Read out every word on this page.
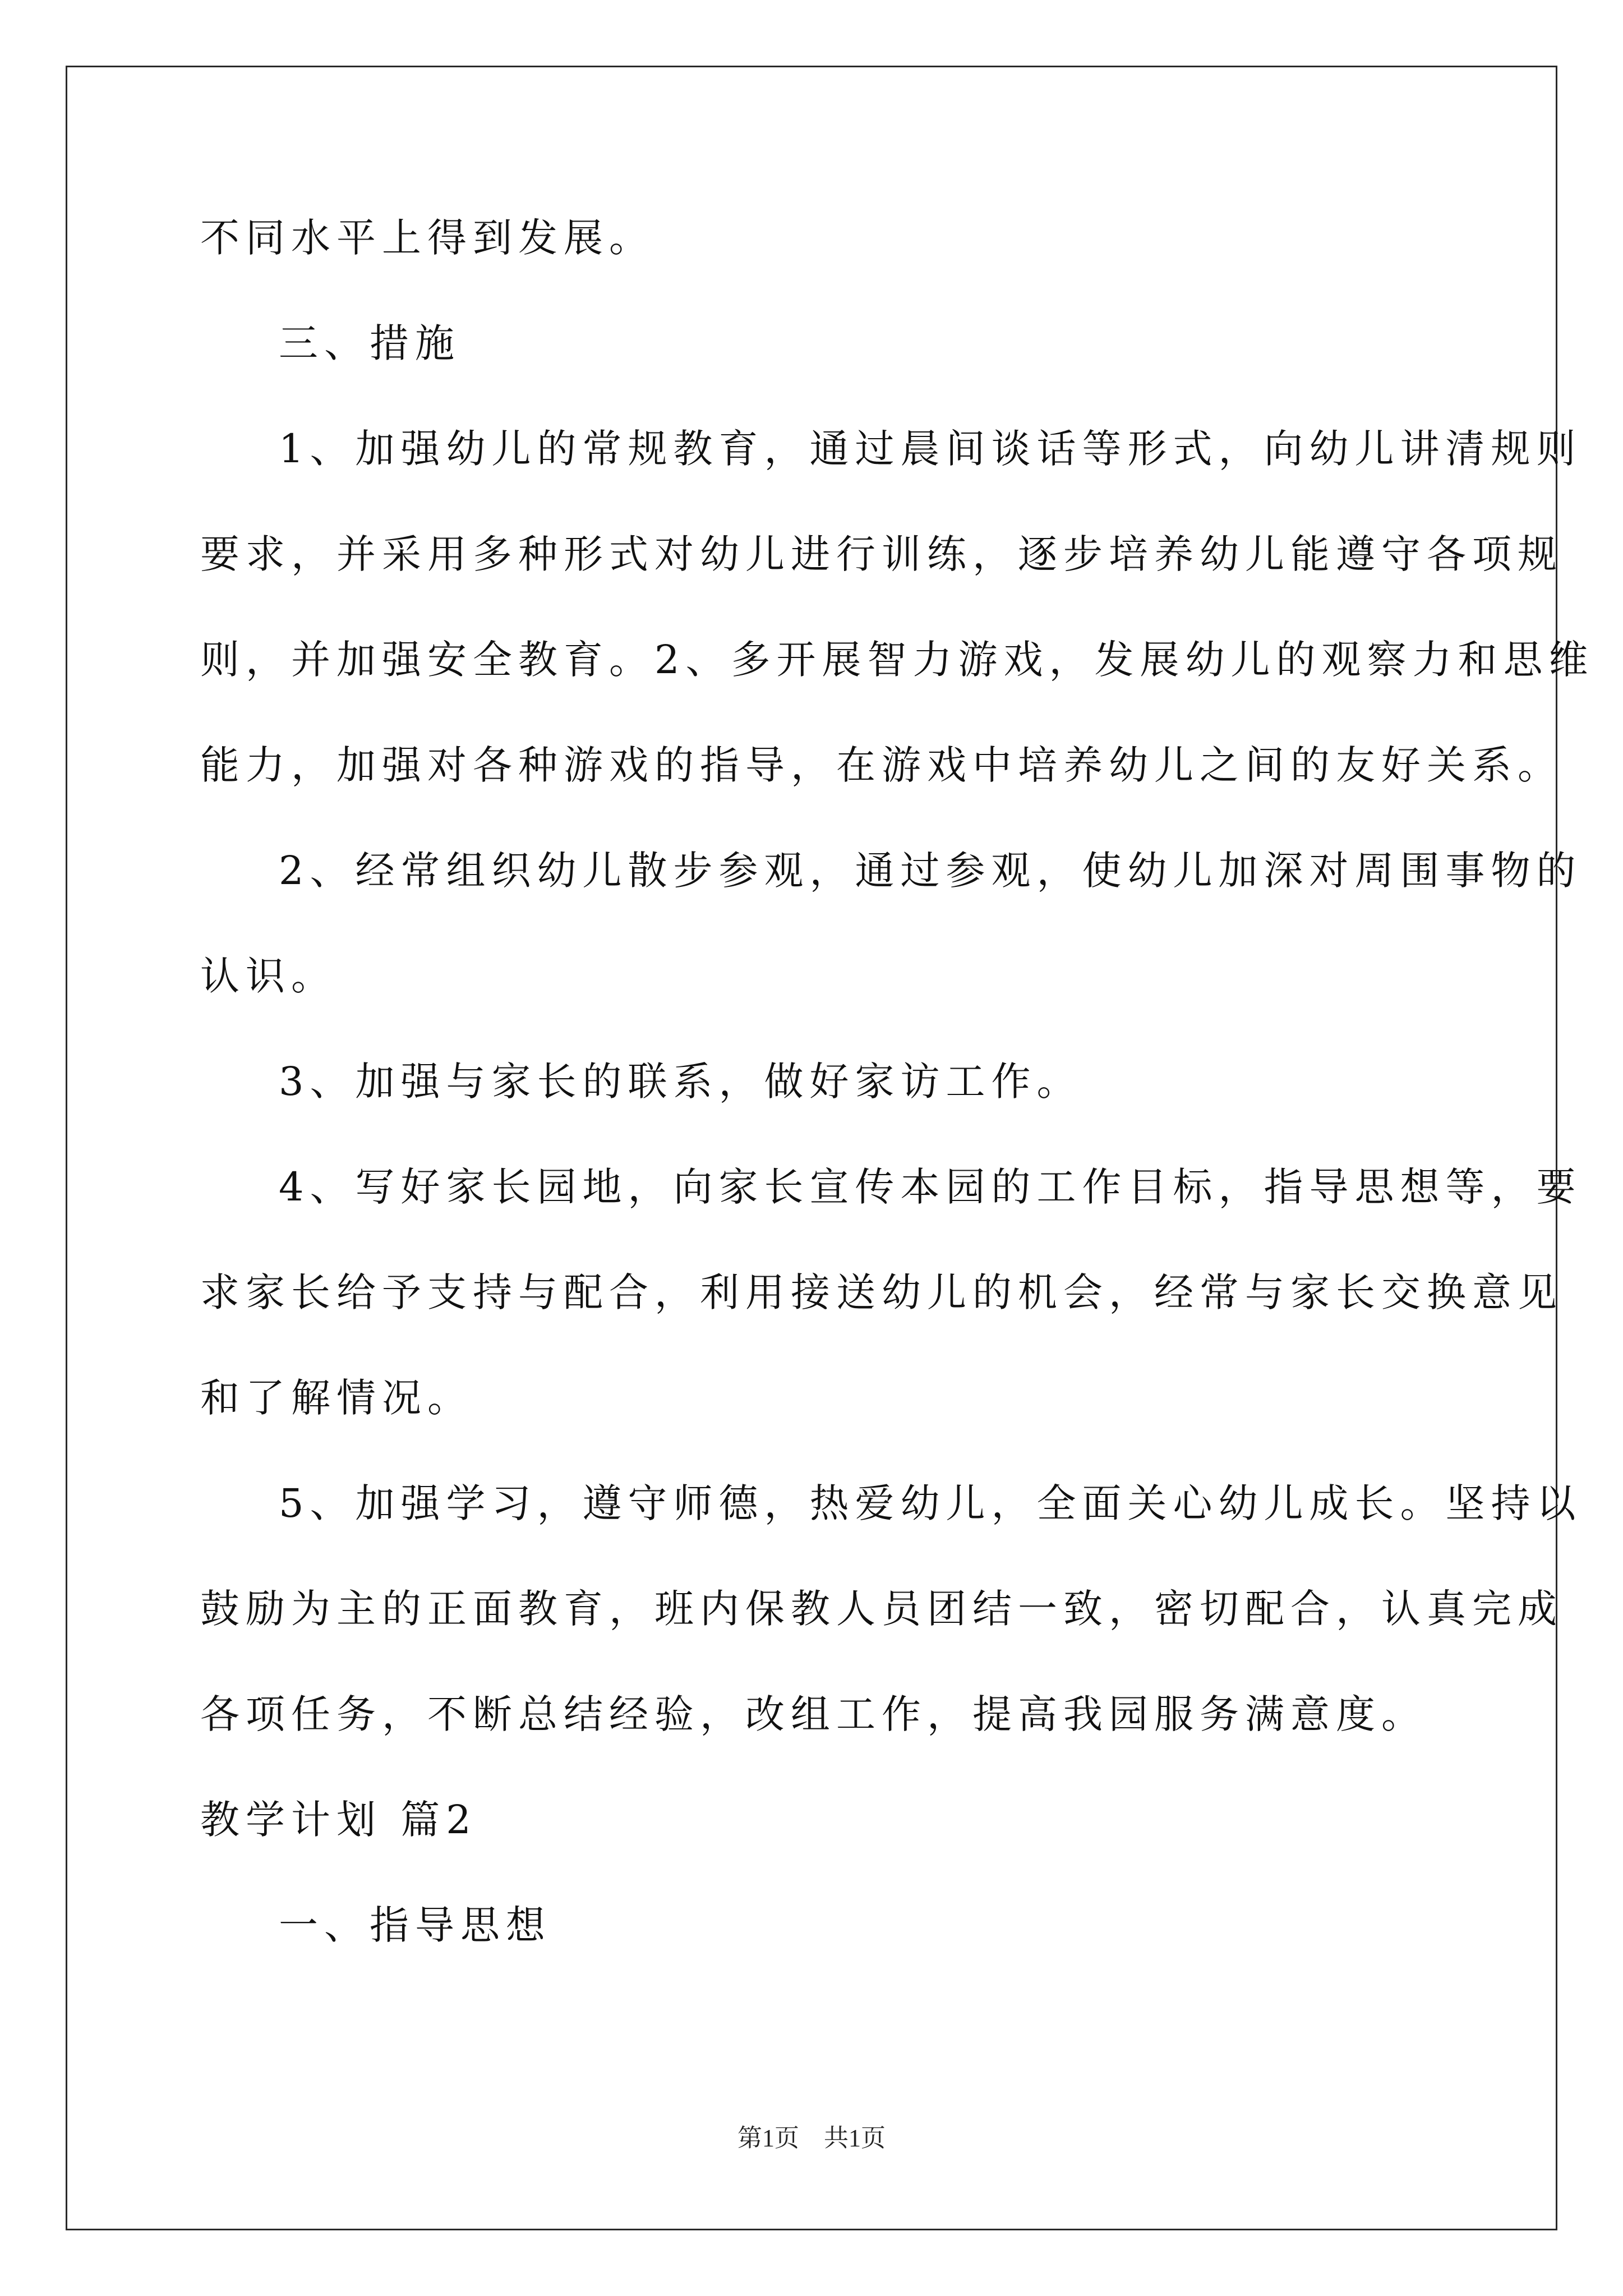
不同水平上得到发展。

三、措施

1、加强幼儿的常规教育，通过晨间谈话等形式，向幼儿讲清规则

要求，并采用多种形式对幼儿进行训练，逐步培养幼儿能遵守各项规

则，并加强安全教育。2、多开展智力游戏，发展幼儿的观察力和思维

能力，加强对各种游戏的指导，在游戏中培养幼儿之间的友好关系。

2、经常组织幼儿散步参观，通过参观，使幼儿加深对周围事物的

认识。

3、加强与家长的联系，做好家访工作。

4、写好家长园地，向家长宣传本园的工作目标，指导思想等，要

求家长给予支持与配合，利用接送幼儿的机会，经常与家长交换意见

和了解情况。

5、加强学习，遵守师德，热爱幼儿，全面关心幼儿成长。坚持以

鼓励为主的正面教育，班内保教人员团结一致，密切配合，认真完成

各项任务，不断总结经验，改组工作，提高我园服务满意度。

教学计划 篇2

一、指导思想

第1页　共1页
